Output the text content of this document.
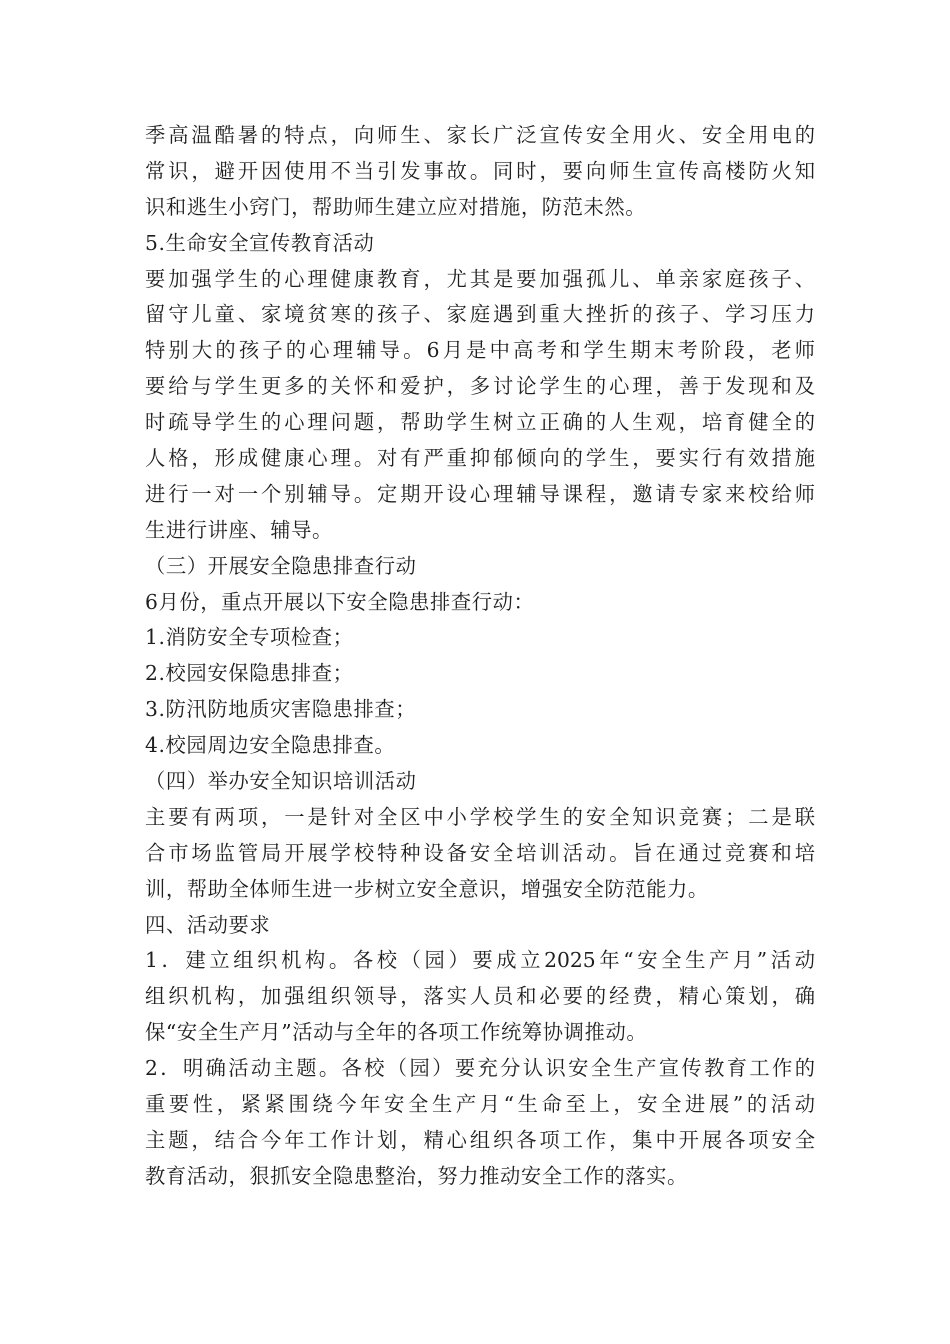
季高温酷暑的特点，向师生、家长广泛宣传安全用火、安全用电的
常识，避开因使用不当引发事故。同时，要向师生宣传高楼防火知
识和逃生小窍门，帮助师生建立应对措施，防范未然。
5.生命安全宣传教育活动
要加强学生的心理健康教育，尤其是要加强孤儿、单亲家庭孩子、
留守儿童、家境贫寒的孩子、家庭遇到重大挫折的孩子、学习压力
特别大的孩子的心理辅导。6月是中高考和学生期末考阶段，老师
要给与学生更多的关怀和爱护，多讨论学生的心理，善于发现和及
时疏导学生的心理问题，帮助学生树立正确的人生观，培育健全的
人格，形成健康心理。对有严重抑郁倾向的学生，要实行有效措施
进行一对一个别辅导。定期开设心理辅导课程，邀请专家来校给师
生进行讲座、辅导。
（三）开展安全隐患排查行动
6月份，重点开展以下安全隐患排查行动：
1.消防安全专项检查；
2.校园安保隐患排查；
3.防汛防地质灾害隐患排查；
4.校园周边安全隐患排查。
（四）举办安全知识培训活动
主要有两项，一是针对全区中小学校学生的安全知识竞赛；二是联
合市场监管局开展学校特种设备安全培训活动。旨在通过竞赛和培
训，帮助全体师生进一步树立安全意识，增强安全防范能力。
四、活动要求
1．建立组织机构。各校（园）要成立2025年“安全生产月”活动
组织机构，加强组织领导，落实人员和必要的经费，精心策划，确
保“安全生产月”活动与全年的各项工作统筹协调推动。
2．明确活动主题。各校（园）要充分认识安全生产宣传教育工作的
重要性，紧紧围绕今年安全生产月“生命至上，安全进展”的活动
主题，结合今年工作计划，精心组织各项工作，集中开展各项安全
教育活动，狠抓安全隐患整治，努力推动安全工作的落实。
